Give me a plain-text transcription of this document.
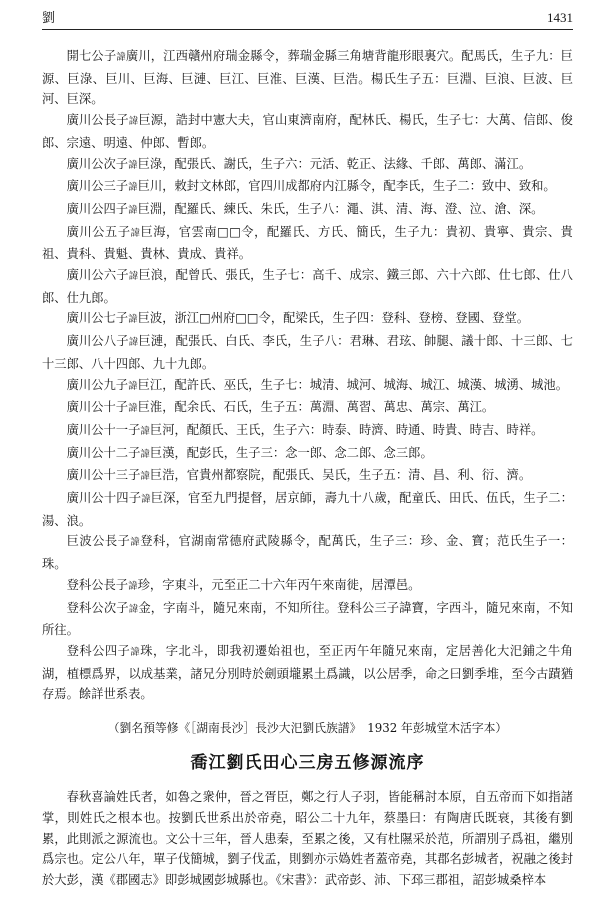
劉	1431

開七公子諱廣川，江西贛州府瑞金縣令，葬瑞金縣三角塘背龍形眼裏穴。配馬氏，生子九：巨源、巨淥、巨川、巨海、巨漣、巨江、巨淮、巨漢、巨浩。楊氏生子五：巨淵、巨浪、巨波、巨河、巨深。

廣川公長子諱巨源，誥封中憲大夫，官山東濟南府，配林氏、楊氏，生子七：大萬、信郎、俊郎、宗遠、明遠、仲郎、暫郎。

廣川公次子諱巨淥，配張氏、謝氏，生子六：元活、乾正、法緣、千郎、萬郎、滿江。

廣川公三子諱巨川，敕封文林郎，官四川成都府内江縣令，配李氏，生子二：致中、致和。

廣川公四子諱巨淵，配羅氏、練氏、朱氏，生子八：澠、淇、清、海、澄、泣、滄、深。

廣川公五子諱巨海，官雲南□□令，配羅氏、方氏、簡氏，生子九：貴初、貴寧、貴宗、貴祖、貴科、貴魁、貴林、貴成、貴祥。

廣川公六子諱巨浪，配曾氏、張氏，生子七：高千、成宗、鐵三郎、六十六郎、仕七郎、仕八郎、仕九郎。

廣川公七子諱巨波，浙江□州府□□令，配梁氏，生子四：登科、登榜、登國、登堂。

廣川公八子諱巨漣，配張氏、白氏、李氏，生子八：君琳、君玹、帥腿、議十郎、十三郎、七十三郎、八十四郎、九十九郎。

廣川公九子諱巨江，配許氏、巫氏，生子七：城清、城河、城海、城江、城漢、城湧、城池。

廣川公十子諱巨淮，配余氏、石氏，生子五：萬淵、萬習、萬忠、萬宗、萬江。

廣川公十一子諱巨河，配顏氏、王氏，生子六：時泰、時濟、時通、時貴、時吉、時祥。

廣川公十二子諱巨漢，配彭氏，生子三：念一郎、念二郎、念三郎。

廣川公十三子諱巨浩，官貴州都察院，配張氏、吴氏，生子五：清、昌、利、衍、濟。

廣川公十四子諱巨深，官至九門提督，居京師，壽九十八歲，配童氏、田氏、伍氏，生子二：湯、浪。

巨波公長子諱登科，官湖南常德府武陵縣令，配萬氏，生子三：珍、金、寶；范氏生子一：珠。

登科公長子諱珍，字東斗，元至正二十六年丙午來南徙，居潭邑。

登科公次子諱金，字南斗，隨兄來南，不知所往。登科公三子諱寶，字西斗，隨兄來南，不知所往。

登科公四子諱珠，字北斗，即我初遷始祖也，至正丙午年隨兄來南，定居善化大汜鋪之牛角湖，植標爲界，以成基業，諸兄分別時於劍頭壠累土爲識，以公居季，命之曰劉季堆，至今古蹟猶存焉。餘詳世系表。

（劉名預等修《［湖南長沙］長沙大汜劉氏族譜》　1932 年彭城堂木活字本）
喬江劉氏田心三房五修源流序

春秋喜論姓氏者，如魯之衆仲，晉之胥臣，鄭之行人子羽，皆能稱討本原，自五帝而下如指諸掌，則姓氏之根本也。按劉氏世系出於帝堯，昭公二十九年，蔡墨曰：有陶唐氏既衰，其後有劉累，此則派之源流也。文公十三年，晉人患秦，至累之後，又有杜隰采於范，所謂別子爲祖，繼別爲宗也。定公八年，單子伐簡城，劉子伐孟，則劉亦示媯姓者蓋帝堯，其郡名彭城者，祝融之後封於大彭，漢《郡國志》即彭城國彭城縣也。《宋書》：武帝彭、沛、下邳三郡祖，詔彭城桑梓本
